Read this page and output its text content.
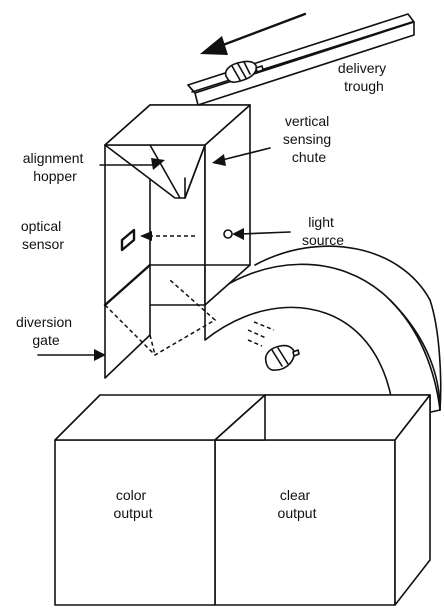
delivery trough
vertical sensing chute
alignment hopper
optical sensor
light source
diversion gate
color output
clear output
